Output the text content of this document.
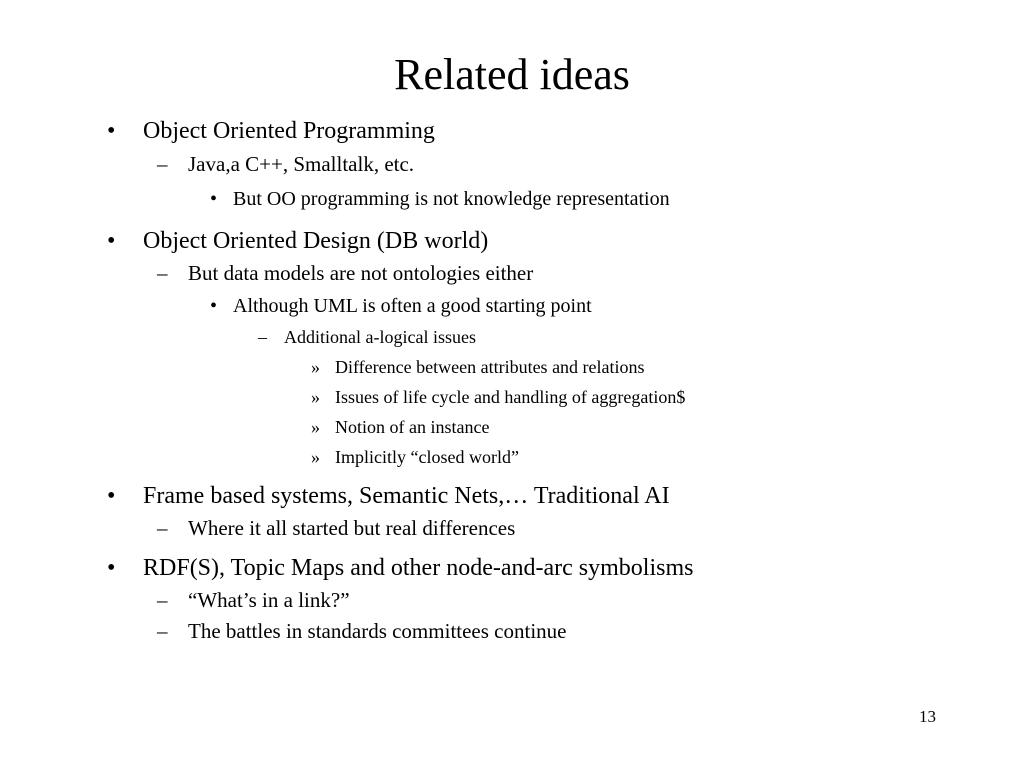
Related ideas
• Object Oriented Programming
– Java,a C++, Smalltalk, etc.
• But OO programming is not knowledge representation
• Object Oriented Design (DB world)
– But data models are not ontologies either
• Although UML is often a good starting point
– Additional a-logical issues
» Difference between attributes and relations
» Issues of life cycle and handling of aggregation$
» Notion of an instance
» Implicitly “closed world”
• Frame based systems, Semantic Nets,… Traditional AI
– Where it all started but real differences
• RDF(S), Topic Maps and other node-and-arc symbolisms
– “What’s in a link?”
– The battles in standards committees continue
13
